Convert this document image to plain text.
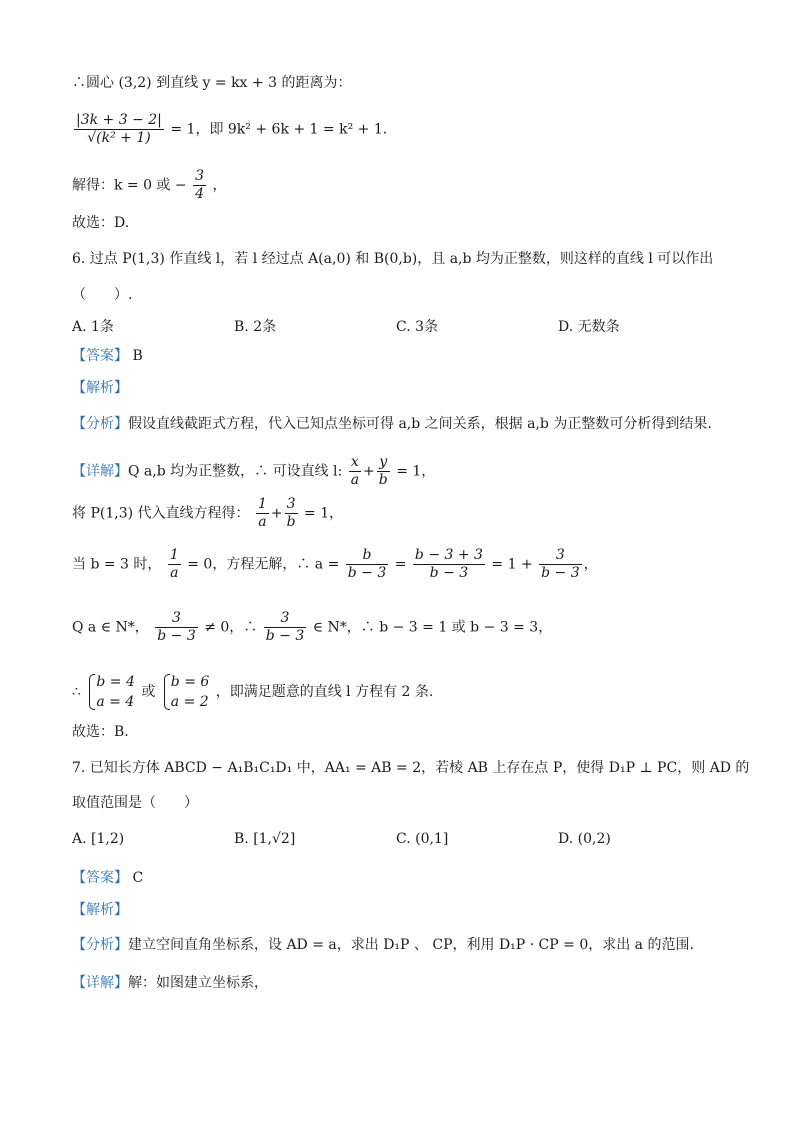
∴圆心 (3,2) 到直线 y = kx + 3 的距离为：
$\frac{|3k + 3 - 2|}{\text{√(k² + 1)}} = 1$，即 9k² + 6k + 1 = k² + 1.
解得：k = 0 或 − $\frac{3}{4}$ ，
故选：D.
6. 过点 P(1,3) 作直线 l，若 l 经过点 A(a,0) 和 B(0,b)，且 a,b 均为正整数，则这样的直线 l 可以作出
（　　）.
A. 1条	B. 2条	C. 3条	D. 无数条
【答案】 B
【解析】
【分析】假设直线截距式方程，代入已知点坐标可得 a,b 之间关系，根据 a,b 为正整数可分析得到结果.
【详解】Q a,b 均为正整数，∴ 可设直线 l: $\frac{x}{a} + \frac{y}{b} = 1$，
将 P(1,3) 代入直线方程得： $\frac{1}{a} + \frac{3}{b} = 1$，
当 b = 3 时， $\frac{1}{a} = 0$，方程无解，∴ $a = \frac{b}{b - 3} = \frac{b - 3 + 3}{b - 3} = 1 + \frac{3}{b - 3}$ ，
Q a ∈ N*， $\frac{3}{b - 3} \ne 0$，∴ $\frac{3}{b - 3}$ ∈ N*，∴ b − 3 = 1 或 b − 3 = 3，
∴
b = 4
a = 4
或
b = 6
a = 2
，即满足题意的直线 l 方程有 2 条.
故选：B.
7. 已知长方体 ABCD − A₁B₁C₁D₁ 中，AA₁ = AB = 2，若棱 AB 上存在点 P，使得 D₁P ⊥ PC，则 AD 的
取值范围是（　　）
A. [1,2)	B. [1,√2]	C. (0,1]	D. (0,2)
【答案】 C
【解析】
【分析】建立空间直角坐标系，设 AD = a，求出 D₁P 、 CP，利用 D₁P · CP = 0，求出 a 的范围.
【详解】解：如图建立坐标系，
